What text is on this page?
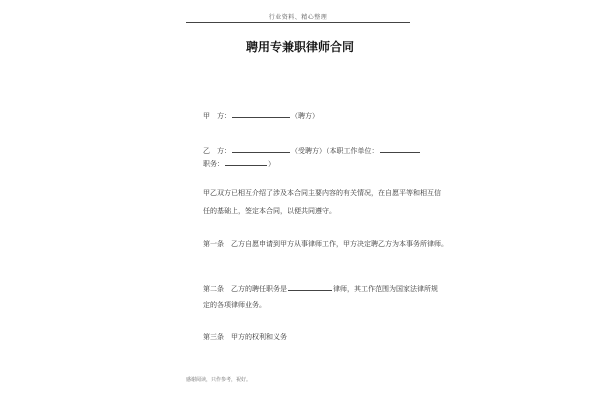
行业资料、精心整理
聘用专兼职律师合同
甲　方：	（聘方）
乙　方：	（受聘方）（本职工作单位：
职务：	）
甲乙双方已相互介绍了涉及本合同主要内容的有关情况，在自愿平等和相互信
任的基础上，签定本合同，以便共同遵守。
第一条　乙方自愿申请到甲方从事律师工作，甲方决定聘乙方为本事务所律师。
第二条　乙方的聘任职务是	律师，其工作范围为国家法律所规
定的各项律师业务。
第三条　甲方的权利和义务
感谢阅读，只作参考，祝好。
